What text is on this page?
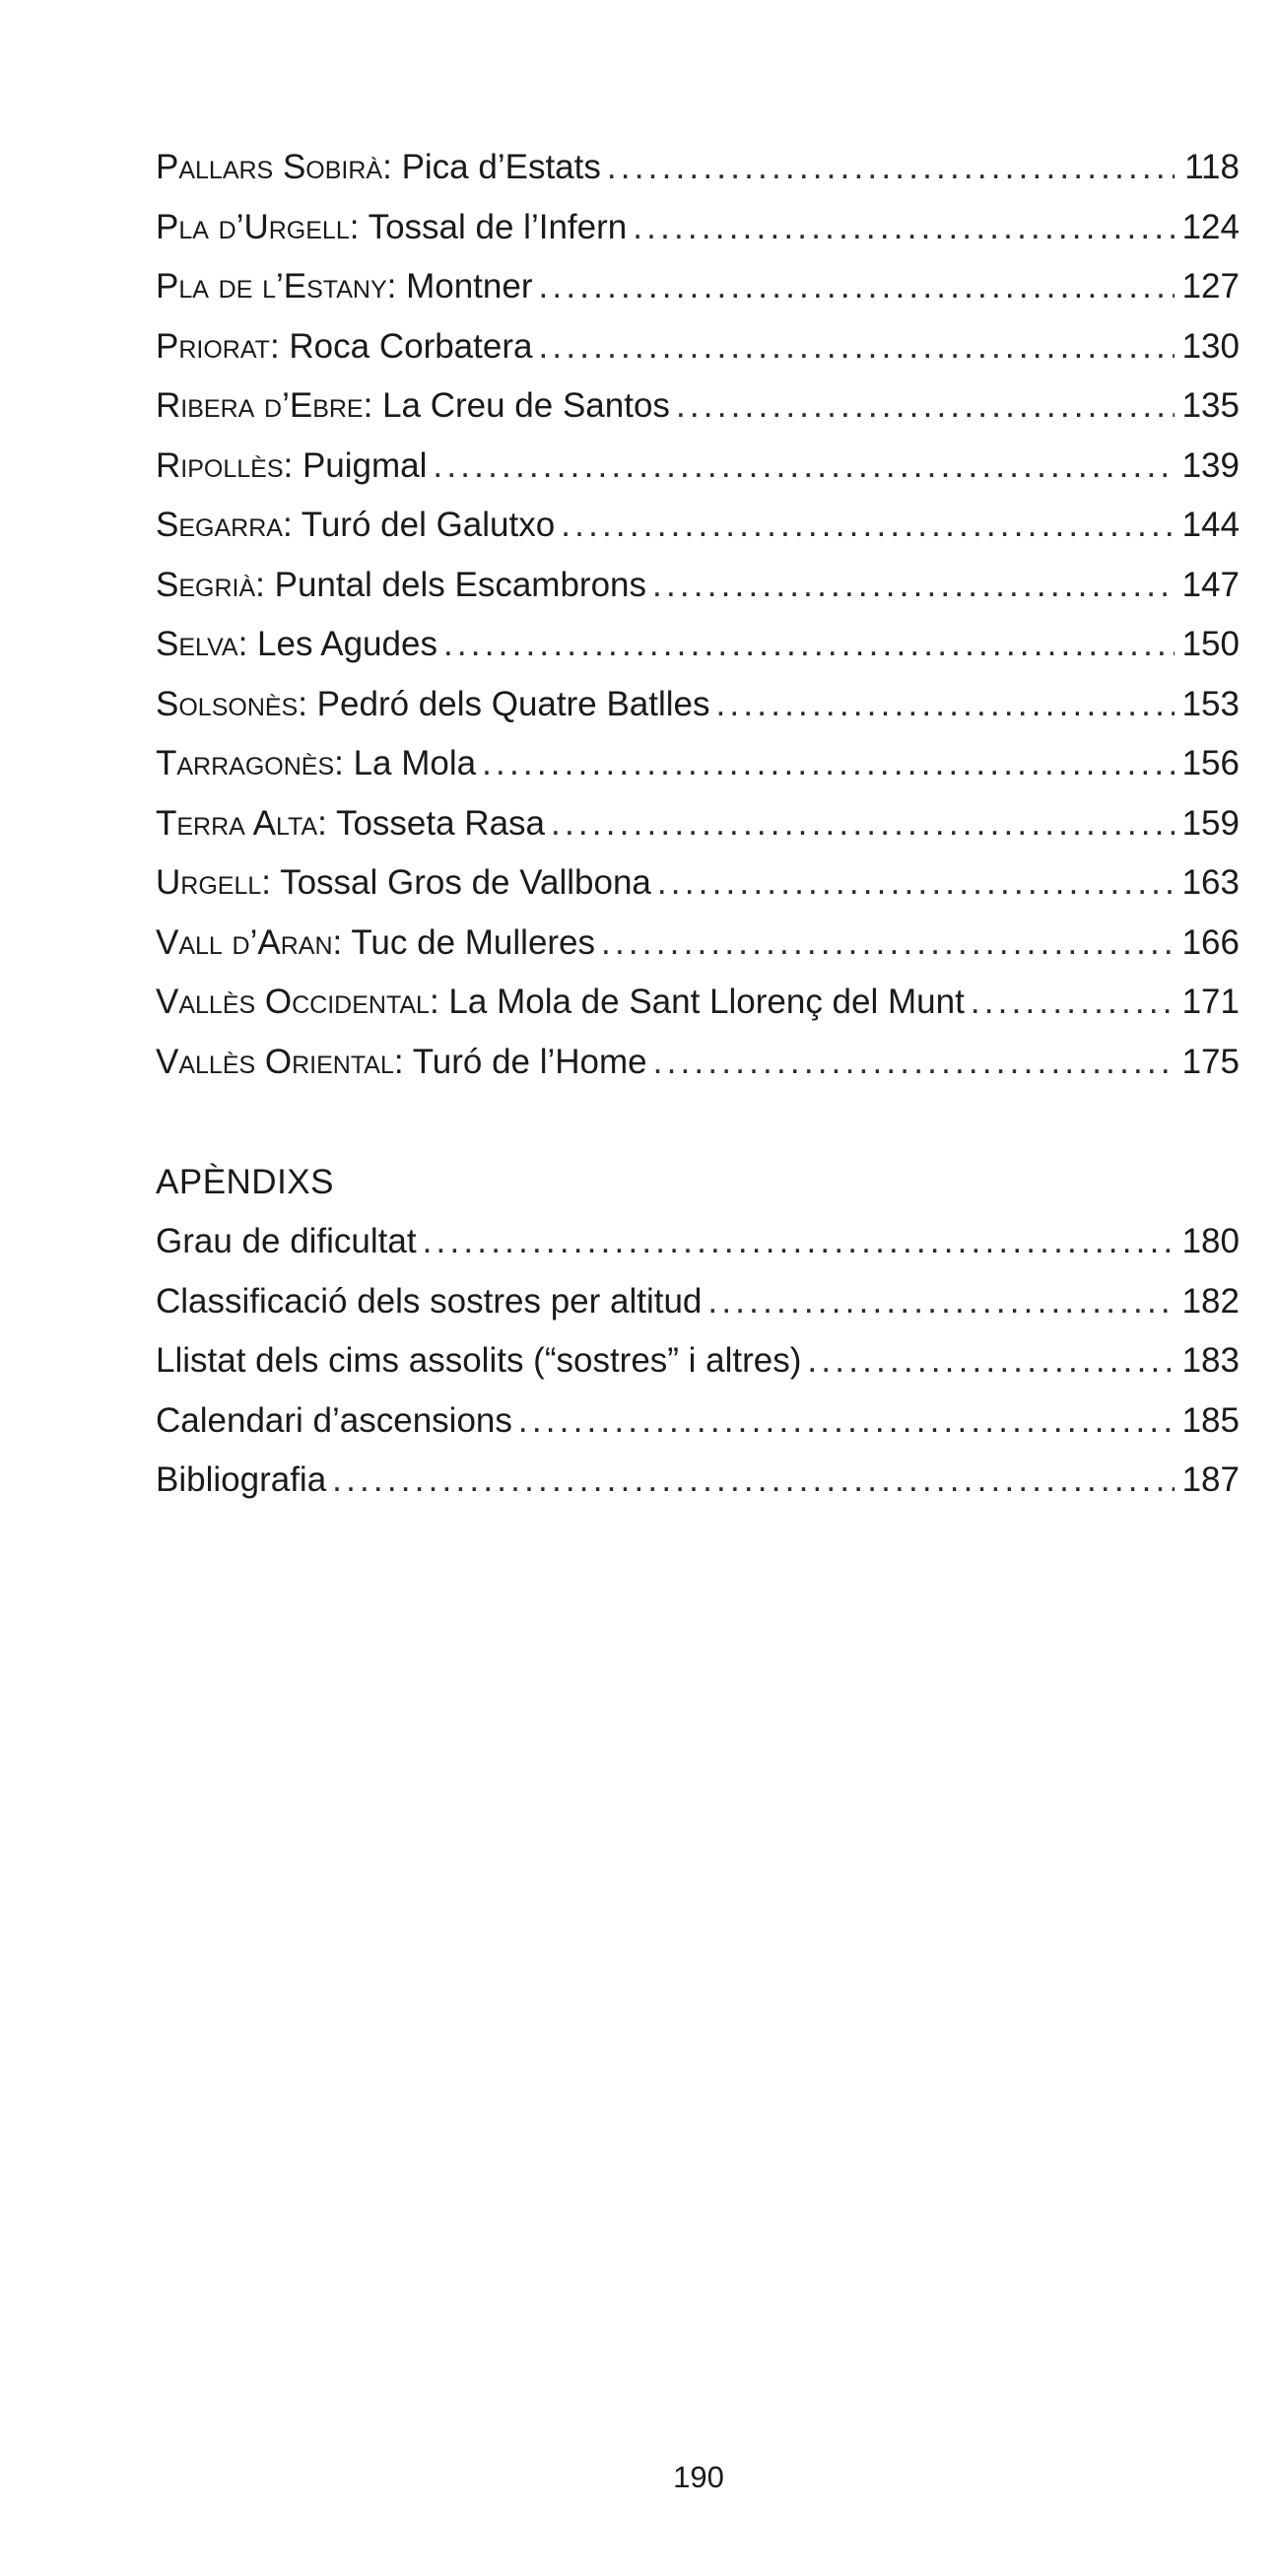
Pallars Sobirà: Pica d’Estats .....	118
Pla d’Urgell: Tossal de l’Infern .....	124
Pla de l’Estany: Montner .....	127
Priorat: Roca Corbatera .....	130
Ribera d’Ebre: La Creu de Santos .....	135
Ripollès: Puigmal .....	139
Segarra: Turó del Galutxo .....	144
Segrià: Puntal dels Escambrons .....	147
Selva: Les Agudes .....	150
Solsonès: Pedró dels Quatre Batlles .....	153
Tarragonès: La Mola .....	156
Terra Alta: Tosseta Rasa .....	159
Urgell: Tossal Gros de Vallbona .....	163
Vall d’Aran: Tuc de Mulleres .....	166
Vallès Occidental: La Mola de Sant Llorenç del Munt .....	171
Vallès Oriental: Turó de l’Home .....	175
APÈNDIXS
Grau de dificultat .....	180
Classificació dels sostres per altitud .....	182
Llistat dels cims assolits (“sostres” i altres) .....	183
Calendari d’ascensions .....	185
Bibliografia .....	187
190
